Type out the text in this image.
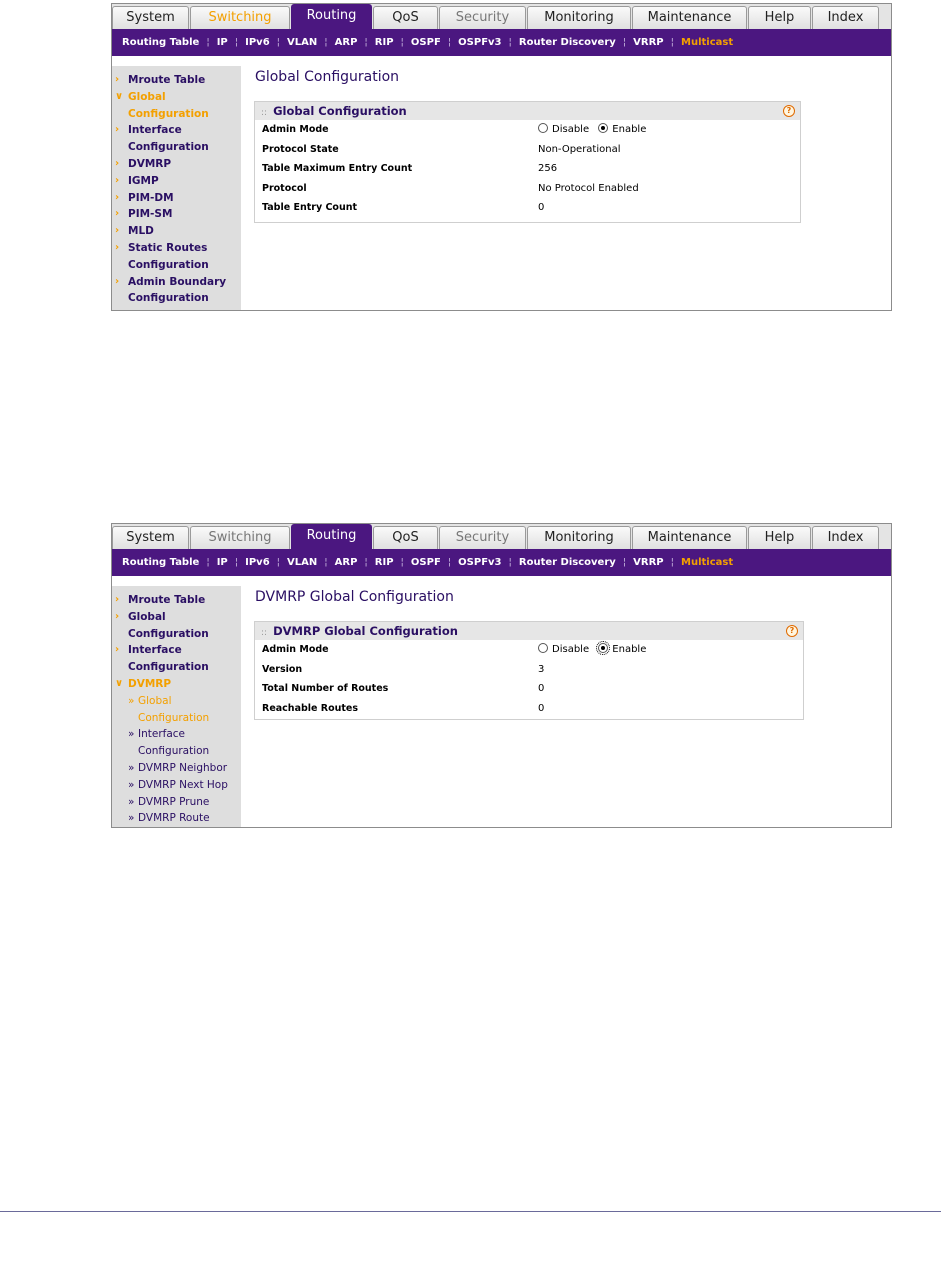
System	Switching	Routing	QoS	Security	Monitoring	Maintenance	Help	Index
Routing Table ¦ IP ¦ IPv6 ¦ VLAN ¦ ARP ¦ RIP ¦ OSPF ¦ OSPFv3 ¦ Router Discovery ¦ VRRP ¦ Multicast
› Mroute Table
∨ Global
Configuration
› Interface
Configuration
› DVMRP
› IGMP
› PIM-DM
› PIM-SM
› MLD
› Static Routes
Configuration
› Admin Boundary
Configuration
Global Configuration
:: Global Configuration	?
Admin Mode	Disable Enable
Protocol State	Non-Operational
Table Maximum Entry Count	256
Protocol	No Protocol Enabled
Table Entry Count	0
System	Switching	Routing	QoS	Security	Monitoring	Maintenance	Help	Index
Routing Table ¦ IP ¦ IPv6 ¦ VLAN ¦ ARP ¦ RIP ¦ OSPF ¦ OSPFv3 ¦ Router Discovery ¦ VRRP ¦ Multicast
› Mroute Table
› Global
Configuration
› Interface
Configuration
∨ DVMRP
» Global
Configuration
» Interface
Configuration
» DVMRP Neighbor
» DVMRP Next Hop
» DVMRP Prune
» DVMRP Route
DVMRP Global Configuration
:: DVMRP Global Configuration	?
Admin Mode	Disable Enable
Version	3
Total Number of Routes	0
Reachable Routes	0
